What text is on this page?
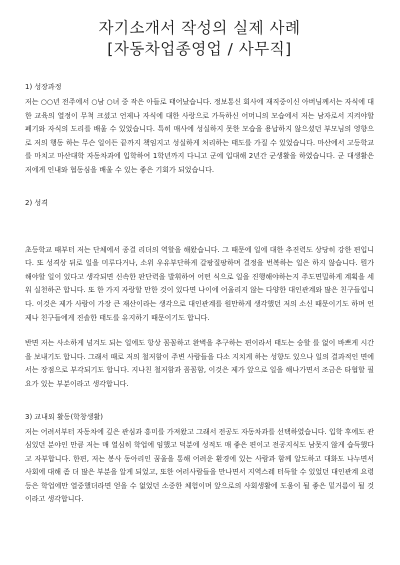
자기소개서 작성의 실제 사례
[자동차업종영업 / 사무직]
1) 성장과정

저는 ○○년 전주에서 ○남 ○녀 중 작은 아들로 태어났습니다. 정보통신 회사에 재직중이신 아버님께서는 자식에 대한 교육의 열정이 무척 크셨고 언제나 자식에 대한 사랑으로 가득하신 어머니의 모습에서 저는 남자로서 지켜야할 폐기와 자식의 도리를 배울 수 있었습니다. 특히 매사에 성실하지 못한 모습을 용납하지 않으셨던 부모님의 영향으로 저의 행동 하는 무슨 일이든 끝까지 책임지고 성실하게 처리하는 태도를 가질 수 있었습니다. 마산에서 고등학교를 마치고 마산대학 자동차과에 입학하여 1학년까지 다니고 군에 입대해 2년간 군생활을 하였습니다. 군 대생활은 저에게 인내와 협동심을 배울 수 있는 좋은 기회가 되었습니다.

2) 성격

초등학교 때부터 저는 단체에서 종결 리더의 역할을 해왔습니다. 그 때문에 일에 대한 추진력도 상당히 강한 편입니다. 또 성격상 뒤로 일을 미루다거나, 소위 우유부단하게 갈팡질팡하며 결정을 번복하는 일은 하지 않습니다. 뭔가 해야할 일이 있다고 생각되면 신속한 판단력을 발휘하여 어떤 식으로 일을 진행해야하는지 주도면밀하게 계획을 세워 실천하곤 합니다. 또 한 가지 자랑할 만한 것이 있다면 나이에 어울리지 않는 다양한 대인관계와 많은 친구들입니다. 이것은 제가 사람이 가장 큰 재산이라는 생각으로 대인관계를 원만하게 생각했던 저의 소신 때문이기도 하며 언제나 친구들에게 진솔한 태도를 유지하기 때문이기도 합니다.

반면 저는 사소하게 넘겨도 되는 일에도 항상 꼼꼼하고 완벽을 추구하는 편이라서 태도는 승할 를 없이 바쁘게 시간을 보내기도 합니다. 그래서 때로 저의 철저함이 주변 사람들을 다소 지치게 하는 성향도 있으나 일의 결과적인 면에서는 장점으로 부각되기도 합니다. 지나친 철저함과 꼼꼼함, 이것은 제가 앞으로 일을 해나가면서 조금은 타협할 필요가 있는 부분이라고 생각합니다.

3) 교내외 활동(학창생활)

저는 어려서부터 자동차에 깊은 관심과 흥미를 가져왔고 그래서 전공도 자동차과를 선택하였습니다. 입학 후에도 관심있던 분야인 만큼 저는 매 열심히 학업에 임했고 덕분에 성적도 매 좋은 편이고 전공지식도 남못지 않게 습득했다고 자부합니다. 한편, 저는 봉사 동아리인 꿈울을 통해 어려운 환경에 있는 사람과 함께 알도하고 대화도 나누면서 사회에 대해 좀 더 많은 부분을 알게 되었고, 또한 여러사람들을 만나면서 지역스레 터득할 수 있었던 대인관계 요령 등은 학업에만 열중했더라면 얻을 수 없었던 소중한 체험이며 앞으로의 사회생활에 도움이 될 좋은 밑거름이 될 것이라고 생각합니다.
